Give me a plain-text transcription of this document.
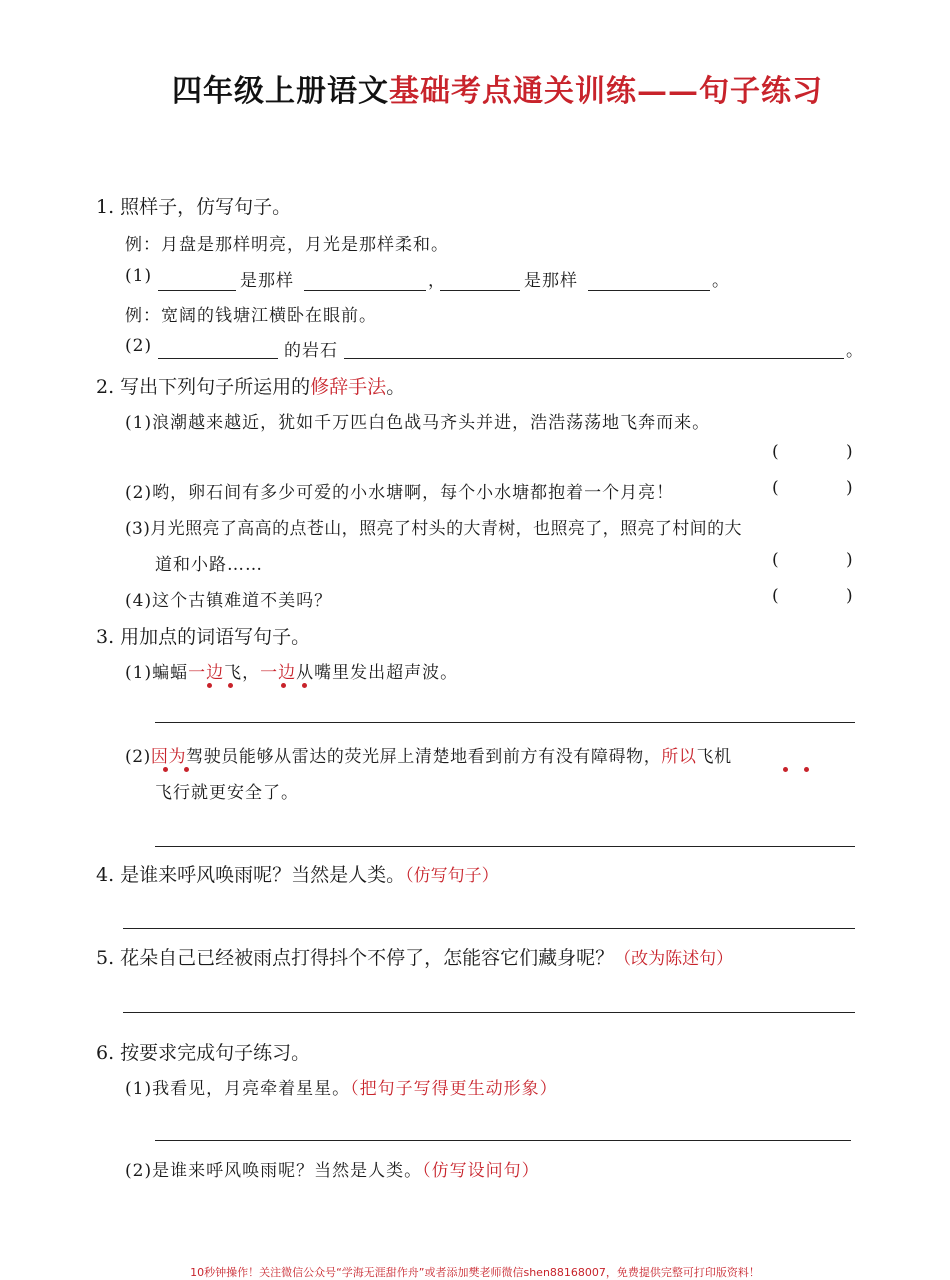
四年级上册语文基础考点通关训练——句子练习
1. 照样子，仿写句子。
例：月盘是那样明亮，月光是那样柔和。
(1)	是那样	，	是那样	。
例：宽阔的钱塘江横卧在眼前。
(2)	的岩石	。
2. 写出下列句子所运用的修辞手法。
(1)浪潮越来越近，犹如千万匹白色战马齐头并进，浩浩荡荡地飞奔而来。
(	)
(2)哟，卵石间有多少可爱的小水塘啊，每个小水塘都抱着一个月亮！	(	)
(3)月光照亮了高高的点苍山，照亮了村头的大青树，也照亮了，照亮了村间的大
道和小路……	(	)
(4)这个古镇难道不美吗？	(	)
3. 用加点的词语写句子。
(1)蝙蝠一边飞，一边从嘴里发出超声波。
(2)因为驾驶员能够从雷达的荧光屏上清楚地看到前方有没有障碍物，所以飞机
飞行就更安全了。
4. 是谁来呼风唤雨呢？当然是人类。（仿写句子）
5. 花朵自己已经被雨点打得抖个不停了，怎能容它们藏身呢？（改为陈述句）
6. 按要求完成句子练习。
(1)我看见，月亮牵着星星。（把句子写得更生动形象）
(2)是谁来呼风唤雨呢？当然是人类。（仿写设问句）
10秒钟操作！关注微信公众号“学海无涯甜作舟”或者添加樊老师微信shen88168007，免费提供完整可打印版资料！
